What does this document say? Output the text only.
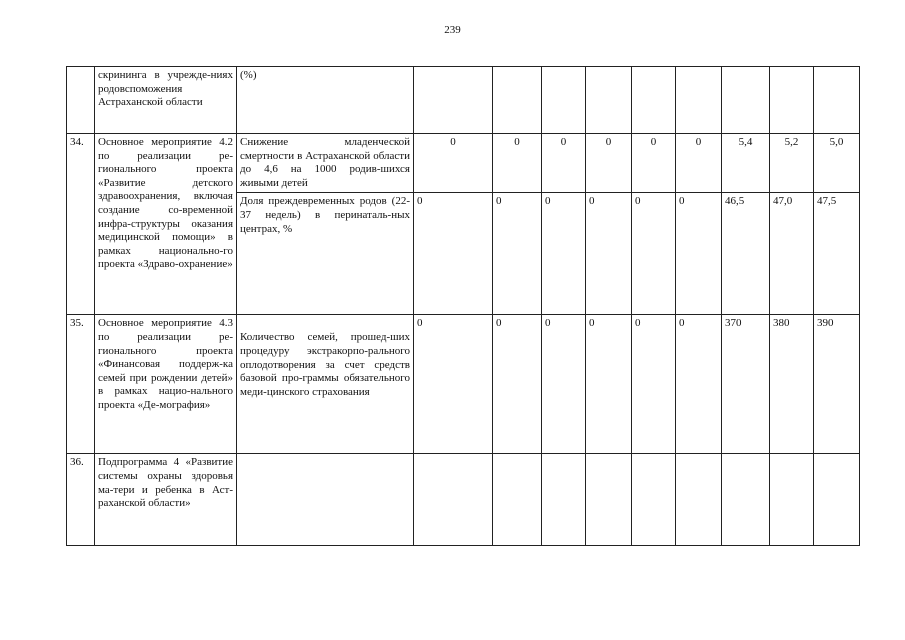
239
	скрининга в учрежде-ниях родовспоможения Астраханской области	(%)									
34.	Основное мероприятие 4.2 по реализации ре-гионального проекта «Развитие детского здравоохранения, включая создание со-временной инфра-структуры оказания медицинской помощи» в рамках национально-го проекта «Здраво-охранение»	Снижение младенческой смертности в Астраханской области до 4,6 на 1000 родив-шихся живыми детей	0	0	0	0	0	0	5,4	5,2	5,0
		Доля преждевременных родов (22-37 недель) в перинаталь-ных центрах, %	0	0	0	0	0	0	46,5	47,0	47,5
35.	Основное мероприятие 4.3 по реализации ре-гионального проекта «Финансовая поддерж-ка семей при рождении детей» в рамках нацио-нального проекта «Де-мография»	Количество семей, прошед-ших процедуру экстракорпо-рального оплодотворения за счет средств базовой про-граммы обязательного меди-цинского страхования	0	0	0	0	0	0	370	380	390
36.	Подпрограмма 4 «Развитие системы охраны здоровья ма-тери и ребенка в Аст-раханской области»										
